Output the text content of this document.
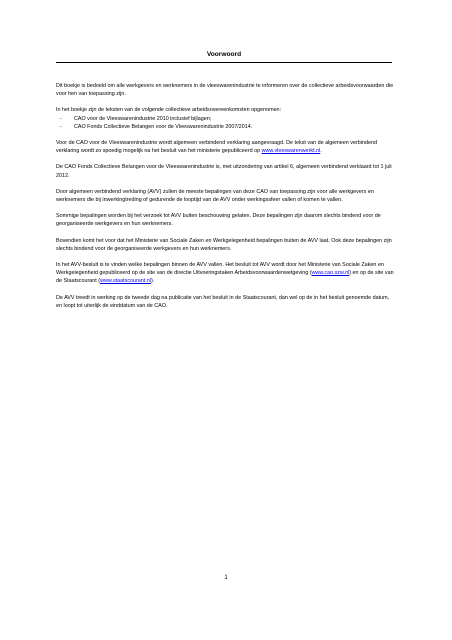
Voorwoord

Dit boekje is bedoeld om alle werkgevers en werknemers in de vleeswarenindustrie te informeren over de collectieve arbeidsvoorwaarden die voor hen van toepassing zijn.

In het boekje zijn de teksten van de volgende collectieve arbeidsovereenkomsten opgenomen:
- CAO voor de Vleeswarenindustrie 2010 inclusief bijlagen;
- CAO Fonds Collectieve Belangen voor de Vleeswarenindustrie 2007/2014.

Voor de CAO voor de Vleeswarenindustrie wordt algemeen verbindend verklaring aangevraagd. De tekst van de algemeen verbindend verklaring wordt zo spoedig mogelijk na het besluit van het ministerie gepubliceerd op www.vleeswarenwerkt.nl.

De CAO Fonds Collectieve Belangen voor de Vleeswarenindustrie is, met uitzondering van artikel 6, algemeen verbindend verklaard tot 1 juli 2012.

Door algemeen verbindend verklaring (AVV) zullen de meeste bepalingen van deze CAO van toepassing zijn voor alle werkgevers en werknemers die bij inwerkingtreding of gedurende de looptijd van de AVV onder werkingssfeer vallen of komen te vallen.

Sommige bepalingen worden bij het verzoek tot AVV buiten beschouwing gelaten. Deze bepalingen zijn daarom slechts bindend voor de georganiseerde werkgevers en hun werknemers.

Bovendien komt het voor dat het Ministerie van Sociale Zaken en Werkgelegenheid bepalingen buiten de AVV laat. Ook deze bepalingen zijn slechts bindend voor de georganiseerde werkgevers en hun werknemers.

In het AVV-besluit is te vinden welke bepalingen binnen de AVV vallen. Het besluit tot AVV wordt door het Ministerie van Sociale Zaken en Werkgelegenheid gepubliceerd op de site van de directie Uitvoeringstaken Arbeidsvoorwaardenwetgeving (www.cao.szw.nl) en op de site van de Staatscourant (www.staatscourant.nl).

De AVV treedt in werking op de tweede dag na publicatie van het besluit in de Staatscourant, dan wel op de in het besluit genoemde datum, en loopt tot uiterlijk de einddatum van de CAO.

1
